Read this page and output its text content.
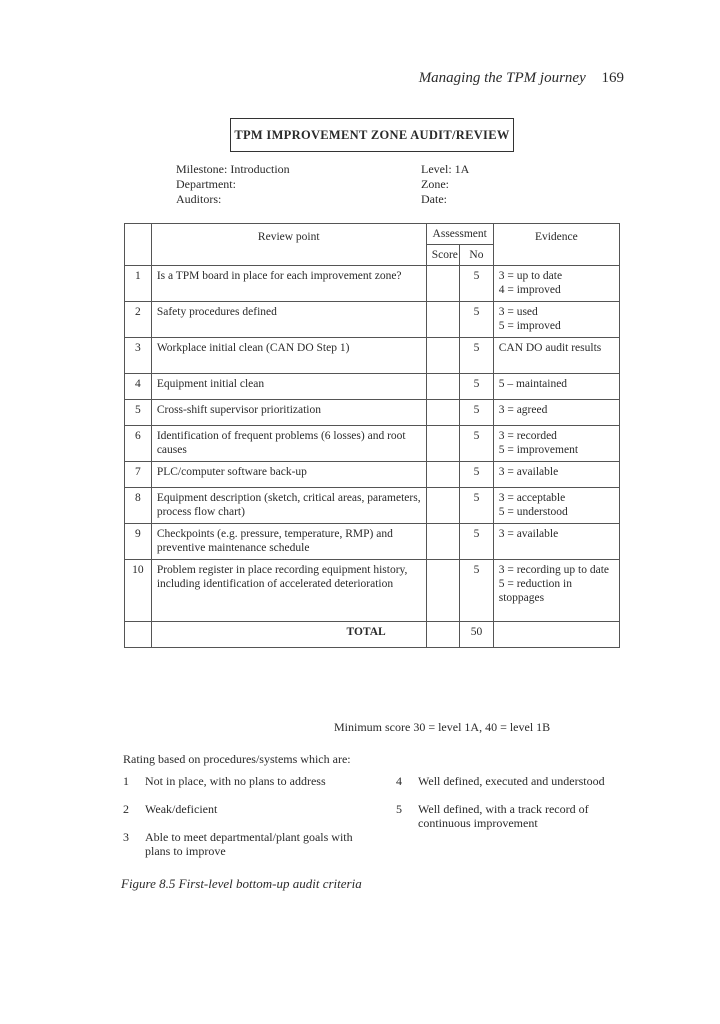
Managing the TPM journey 169
TPM IMPROVEMENT ZONE AUDIT/REVIEW
Milestone: Introduction
Department:
Auditors:
Level: 1A
Zone:
Date:
	Review point	Assessment		Evidence
		Score	No	
1	Is a TPM board in place for each improvement zone?		5	3 = up to date
4 = improved

2	Safety procedures defined		5	3 = used
5 = improved

3	Workplace initial clean (CAN DO Step 1)		5	CAN DO audit results

4	Equipment initial clean		5	5 – maintained

5	Cross-shift supervisor prioritization		5	3 = agreed

6	Identification of frequent problems (6 losses) and root causes		5	3 = recorded
5 = improvement

7	PLC/computer software back-up		5	3 = available

8	Equipment description (sketch, critical areas, parameters, process flow chart)		5	3 = acceptable
5 = understood

9	Checkpoints (e.g. pressure, temperature, RMP) and preventive maintenance schedule		5	3 = available

10	Problem register in place recording equipment history, including identification of accelerated deterioration		5	3 = recording up to date
5 = reduction in stoppages

	TOTAL		50	
Minimum score 30 = level 1A, 40 = level 1B
Rating based on procedures/systems which are:
1 Not in place, with no plans to address
2 Weak/deficient
3	Able to meet departmental/plant goals with plans to improve
4 Well defined, executed and understood
5	Well defined, with a track record of continuous improvement
Figure 8.5 First-level bottom-up audit criteria
